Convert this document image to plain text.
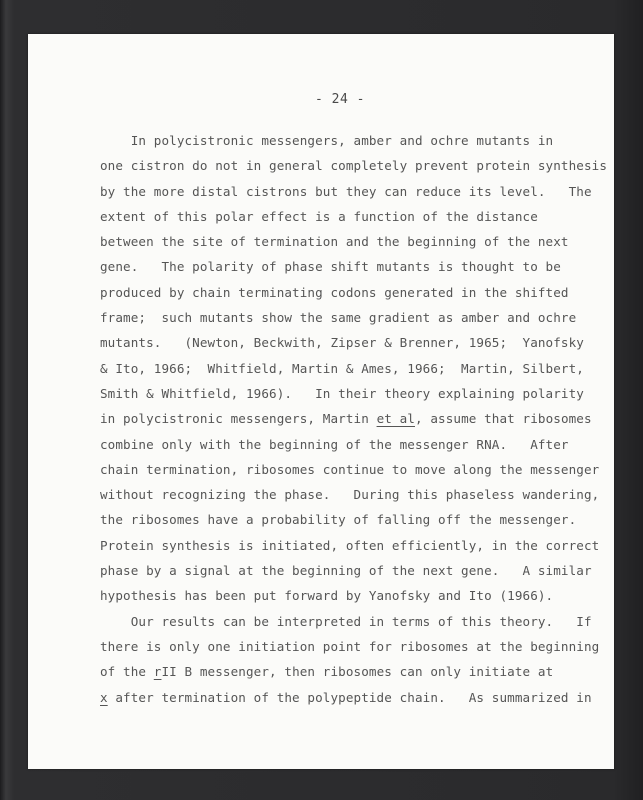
- 24 -
In polycistronic messengers, amber and ochre mutants in
one cistron do not in general completely prevent protein synthesis
by the more distal cistrons but they can reduce its level.   The
extent of this polar effect is a function of the distance
between the site of termination and the beginning of the next
gene.   The polarity of phase shift mutants is thought to be
produced by chain terminating codons generated in the shifted
frame;  such mutants show the same gradient as amber and ochre
mutants.   (Newton, Beckwith, Zipser & Brenner, 1965;  Yanofsky
& Ito, 1966;  Whitfield, Martin & Ames, 1966;  Martin, Silbert,
Smith & Whitfield, 1966).   In their theory explaining polarity
in polycistronic messengers, Martin et al, assume that ribosomes
combine only with the beginning of the messenger RNA.   After
chain termination, ribosomes continue to move along the messenger
without recognizing the phase.   During this phaseless wandering,
the ribosomes have a probability of falling off the messenger.
Protein synthesis is initiated, often efficiently, in the correct
phase by a signal at the beginning of the next gene.   A similar
hypothesis has been put forward by Yanofsky and Ito (1966).
Our results can be interpreted in terms of this theory.   If
there is only one initiation point for ribosomes at the beginning
of the rII B messenger, then ribosomes can only initiate at
x after termination of the polypeptide chain.   As summarized in
